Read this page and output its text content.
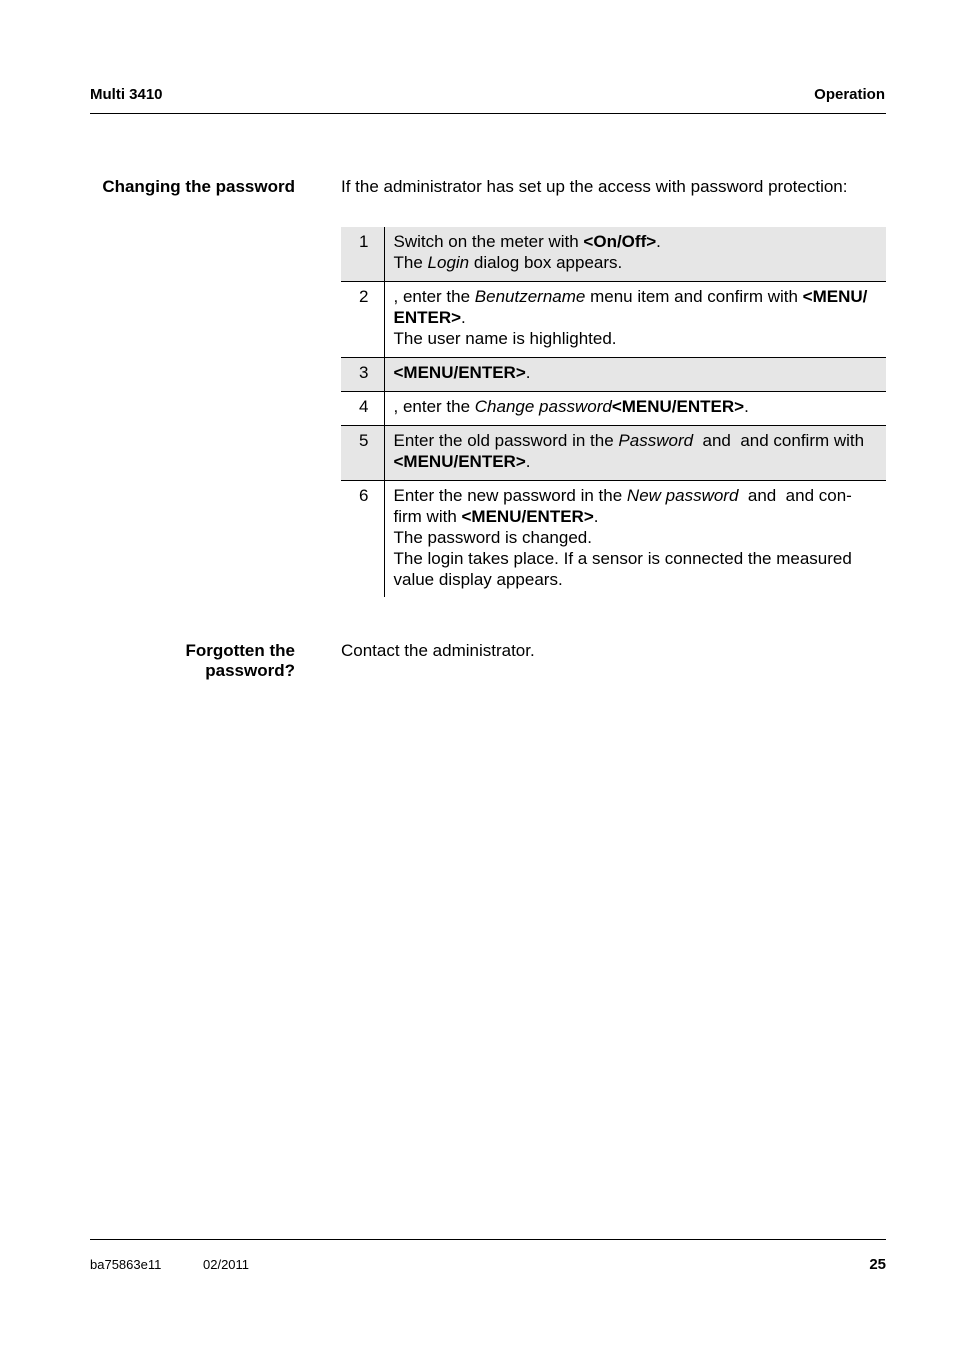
Multi 3410	Operation
Changing the password	If the administrator has set up the access with password protection:
1	Switch on the meter with <On/Off>.
The Login dialog box appears.
2	, enter the Benutzername menu item and confirm with <MENU/
ENTER>.
The user name is highlighted.
3	<MENU/ENTER>.
4	, enter the Change password<MENU/ENTER>.
5	Enter the old password in the Password  and  and confirm with
<MENU/ENTER>.
6	Enter the new password in the New password  and  and con-
firm with <MENU/ENTER>.
The password is changed.
The login takes place. If a sensor is connected the measured
value display appears.
Forgotten the
password?
Contact the administrator.
ba75863e11	02/2011	25
